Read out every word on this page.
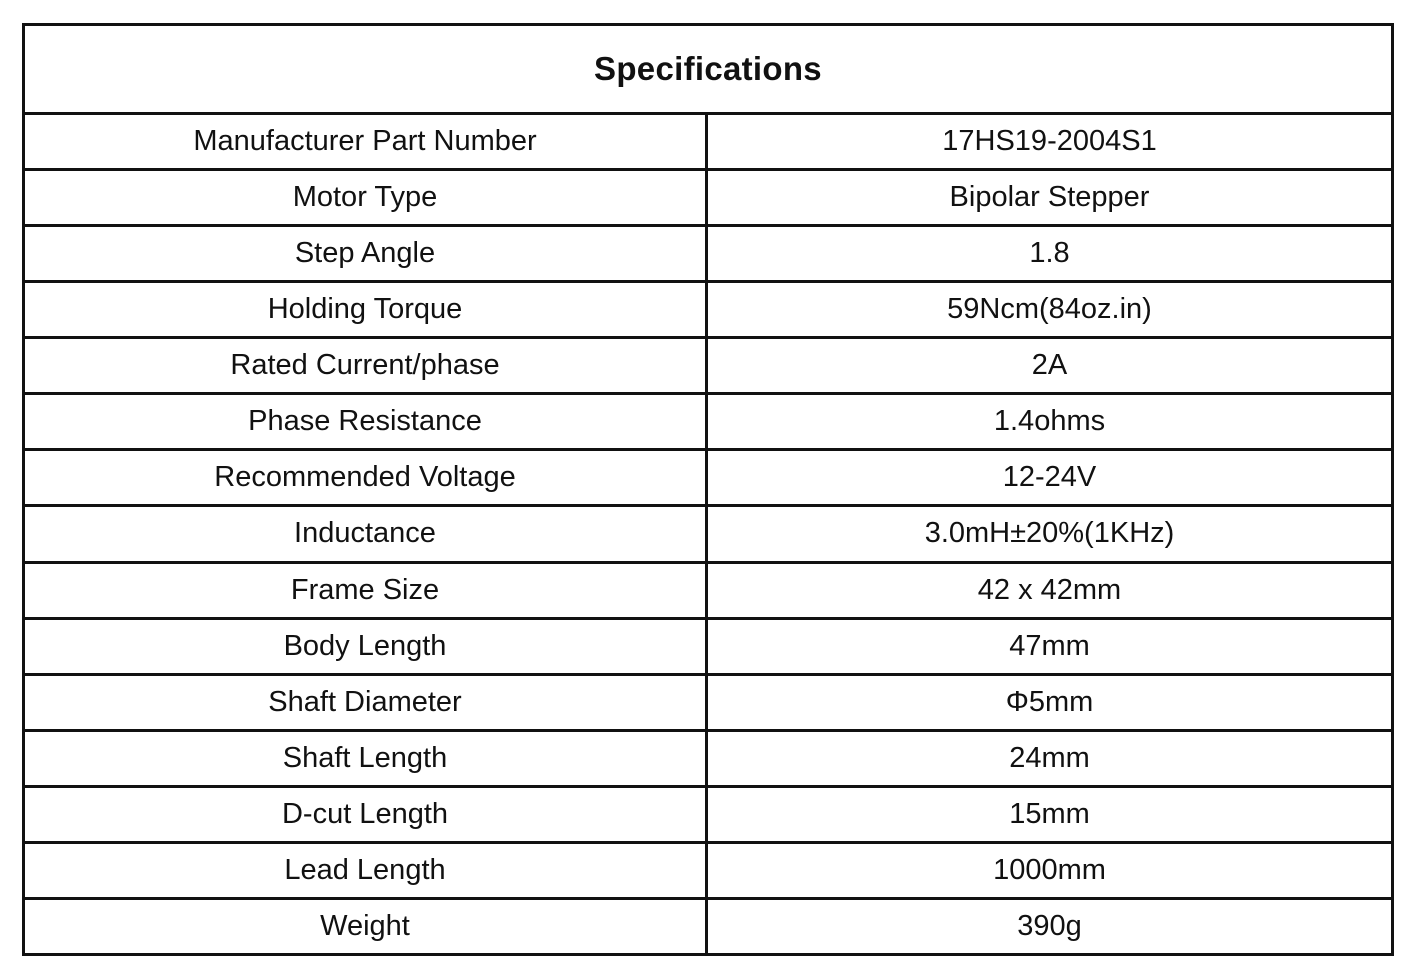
Specifications
Manufacturer Part Number	17HS19-2004S1
Motor Type	Bipolar Stepper
Step Angle	1.8
Holding Torque	59Ncm(84oz.in)
Rated Current/phase	2A
Phase Resistance	1.4ohms
Recommended Voltage	12-24V
Inductance	3.0mH±20%(1KHz)
Frame Size	42 x 42mm
Body Length	47mm
Shaft Diameter	Φ5mm
Shaft Length	24mm
D-cut Length	15mm
Lead Length	1000mm
Weight	390g
